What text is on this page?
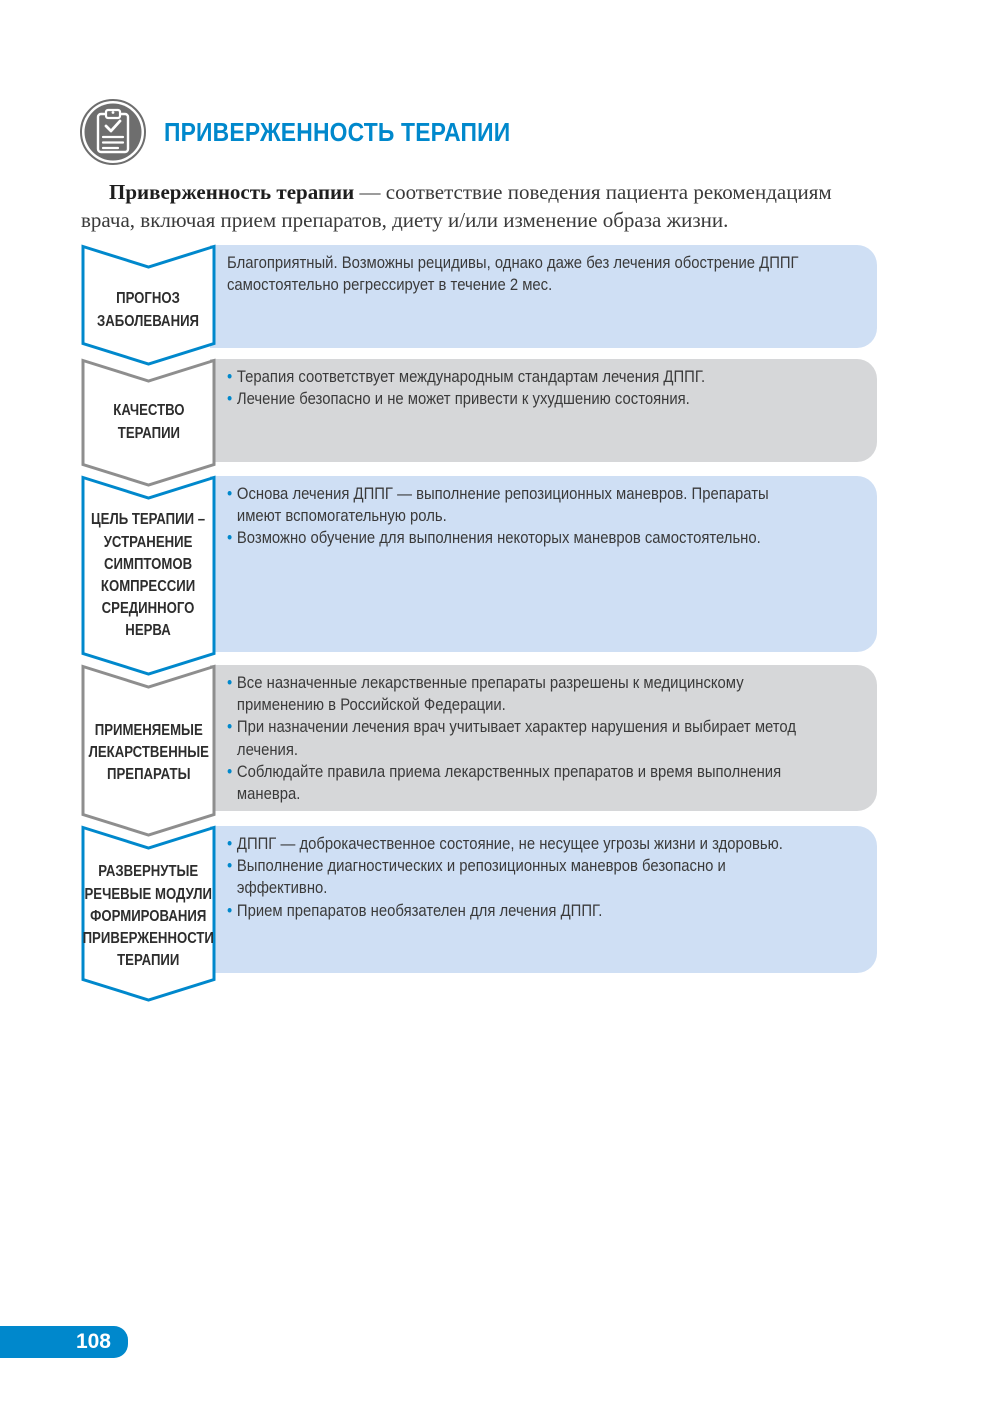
ПРИВЕРЖЕННОСТЬ ТЕРАПИИ
Приверженность терапии — соответствие поведения пациента рекомендациям врача, включая прием препаратов, диету и/или изменение образа жизни.
ПРОГНОЗ
ЗАБОЛЕВАНИЯ
Благоприятный. Возможны рецидивы, однако даже без лечения обострение ДППГ самостоятельно регрессирует в течение 2 мес.
КАЧЕСТВО
ТЕРАПИИ
• Терапия соответствует международным стандартам лечения ДППГ.
• Лечение безопасно и не может привести к ухудшению состояния.
ЦЕЛЬ ТЕРАПИИ –
УСТРАНЕНИЕ
СИМПТОМОВ
КОМПРЕССИИ
СРЕДИННОГО
НЕРВА
• Основа лечения ДППГ — выполнение репозиционных маневров. Препараты имеют вспомогательную роль.
• Возможно обучение для выполнения некоторых маневров самостоятельно.
ПРИМЕНЯЕМЫЕ
ЛЕКАРСТВЕННЫЕ
ПРЕПАРАТЫ
• Все назначенные лекарственные препараты разрешены к медицинскому применению в Российской Федерации.
• При назначении лечения врач учитывает характер нарушения и выбирает метод лечения.
• Соблюдайте правила приема лекарственных препаратов и время выполнения маневра.
РАЗВЕРНУТЫЕ
РЕЧЕВЫЕ МОДУЛИ
ФОРМИРОВАНИЯ
ПРИВЕРЖЕННОСТИ
ТЕРАПИИ
• ДППГ — доброкачественное состояние, не несущее угрозы жизни и здоровью.
• Выполнение диагностических и репозиционных маневров безопасно и эффективно.
• Прием препаратов необязателен для лечения ДППГ.
108
